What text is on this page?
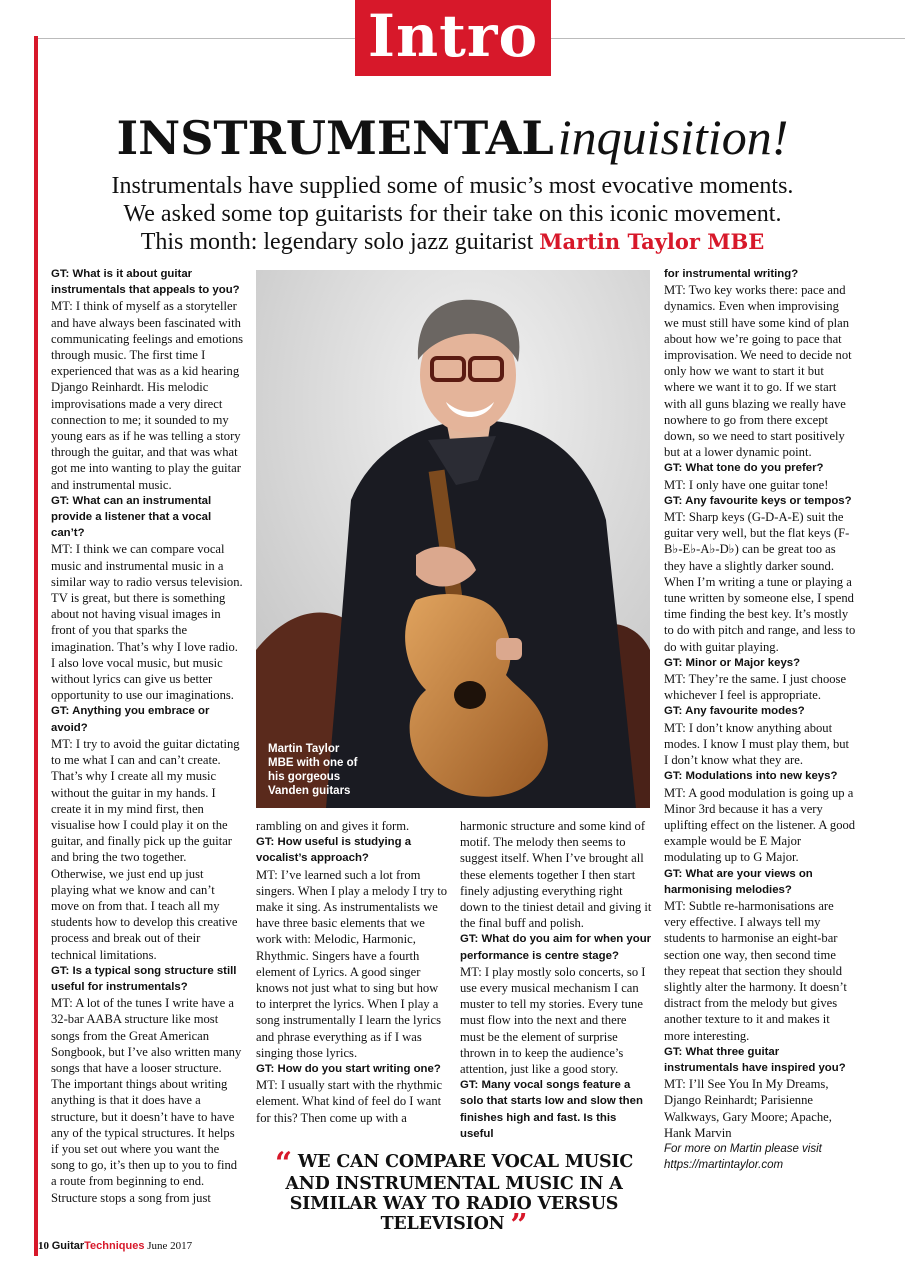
Intro
INSTRUMENTAL inquisition!
Instrumentals have supplied some of music’s most evocative moments.
We asked some top guitarists for their take on this iconic movement.
This month: legendary solo jazz guitarist Martin Taylor MBE

GT: What is it about guitar instrumentals that appeals to you?

MT: I think of myself as a storyteller and have always been fascinated with communicating feelings and emotions through music. The first time I experienced that was as a kid hearing Django Reinhardt. His melodic improvisations made a very direct connection to me; it sounded to my young ears as if he was telling a story through the guitar, and that was what got me into wanting to play the guitar and instrumental music.

GT: What can an instrumental provide a listener that a vocal can’t?

MT: I think we can compare vocal music and instrumental music in a similar way to radio versus television. TV is great, but there is something about not having visual images in front of you that sparks the imagination. That’s why I love radio. I also love vocal music, but music without lyrics can give us better opportunity to use our imaginations.

GT: Anything you embrace or avoid?

MT: I try to avoid the guitar dictating to me what I can and can’t create. That’s why I create all my music without the guitar in my hands. I create it in my mind first, then visualise how I could play it on the guitar, and finally pick up the guitar and bring the two together. Otherwise, we just end up just playing what we know and can’t move on from that. I teach all my students how to develop this creative process and break out of their technical limitations.

GT: Is a typical song structure still useful for instrumentals?

MT: A lot of the tunes I write have a 32-bar AABA structure like most songs from the Great American Songbook, but I’ve also written many songs that have a looser structure. The important things about writing anything is that it does have a structure, but it doesn’t have to have any of the typical structures. It helps if you set out where you want the song to go, it’s then up to you to find a route from beginning to end. Structure stops a song from just

Martin Taylor MBE with one of his gorgeous Vanden guitars

rambling on and gives it form.

GT: How useful is studying a vocalist’s approach?

MT: I’ve learned such a lot from singers. When I play a melody I try to make it sing. As instrumentalists we have three basic elements that we work with: Melodic, Harmonic, Rhythmic. Singers have a fourth element of Lyrics. A good singer knows not just what to sing but how to interpret the lyrics. When I play a song instrumentally I learn the lyrics and phrase everything as if I was singing those lyrics.

GT: How do you start writing one?

MT: I usually start with the rhythmic element. What kind of feel do I want for this? Then come up with a

harmonic structure and some kind of motif. The melody then seems to suggest itself. When I’ve brought all these elements together I then start finely adjusting everything right down to the tiniest detail and giving it the final buff and polish.

GT: What do you aim for when your performance is centre stage?

MT: I play mostly solo concerts, so I use every musical mechanism I can muster to tell my stories. Every tune must flow into the next and there must be the element of surprise thrown in to keep the audience’s attention, just like a good story.

GT: Many vocal songs feature a solo that starts low and slow then finishes high and fast. Is this useful

for instrumental writing?

MT: Two key works there: pace and dynamics. Even when improvising we must still have some kind of plan about how we’re going to pace that improvisation. We need to decide not only how we want to start it but where we want it to go. If we start with all guns blazing we really have nowhere to go from there except down, so we need to start positively but at a lower dynamic point.

GT: What tone do you prefer?

MT: I only have one guitar tone!

GT: Any favourite keys or tempos?

MT: Sharp keys (G-D-A-E) suit the guitar very well, but the flat keys (F-B♭-E♭-A♭-D♭) can be great too as they have a slightly darker sound. When I’m writing a tune or playing a tune written by someone else, I spend time finding the best key. It’s mostly to do with pitch and range, and less to do with guitar playing.

GT: Minor or Major keys?

MT: They’re the same. I just choose whichever I feel is appropriate.

GT: Any favourite modes?

MT: I don’t know anything about modes. I know I must play them, but I don’t know what they are.

GT: Modulations into new keys?

MT: A good modulation is going up a Minor 3rd because it has a very uplifting effect on the listener. A good example would be E Major modulating up to G Major.

GT: What are your views on harmonising melodies?

MT: Subtle re-harmonisations are very effective. I always tell my students to harmonise an eight-bar section one way, then second time they repeat that section they should slightly alter the harmony. It doesn’t distract from the melody but gives another texture to it and makes it more interesting.

GT: What three guitar instrumentals have inspired you?

MT: I’ll See You In My Dreams, Django Reinhardt; Parisienne Walkways, Gary Moore; Apache, Hank Marvin

For more on Martin please visit https://martintaylor.com

“ WE CAN COMPARE VOCAL MUSIC AND INSTRUMENTAL MUSIC IN A SIMILAR WAY TO RADIO VERSUS TELEVISION ”
10 GuitarTechniques June 2017
